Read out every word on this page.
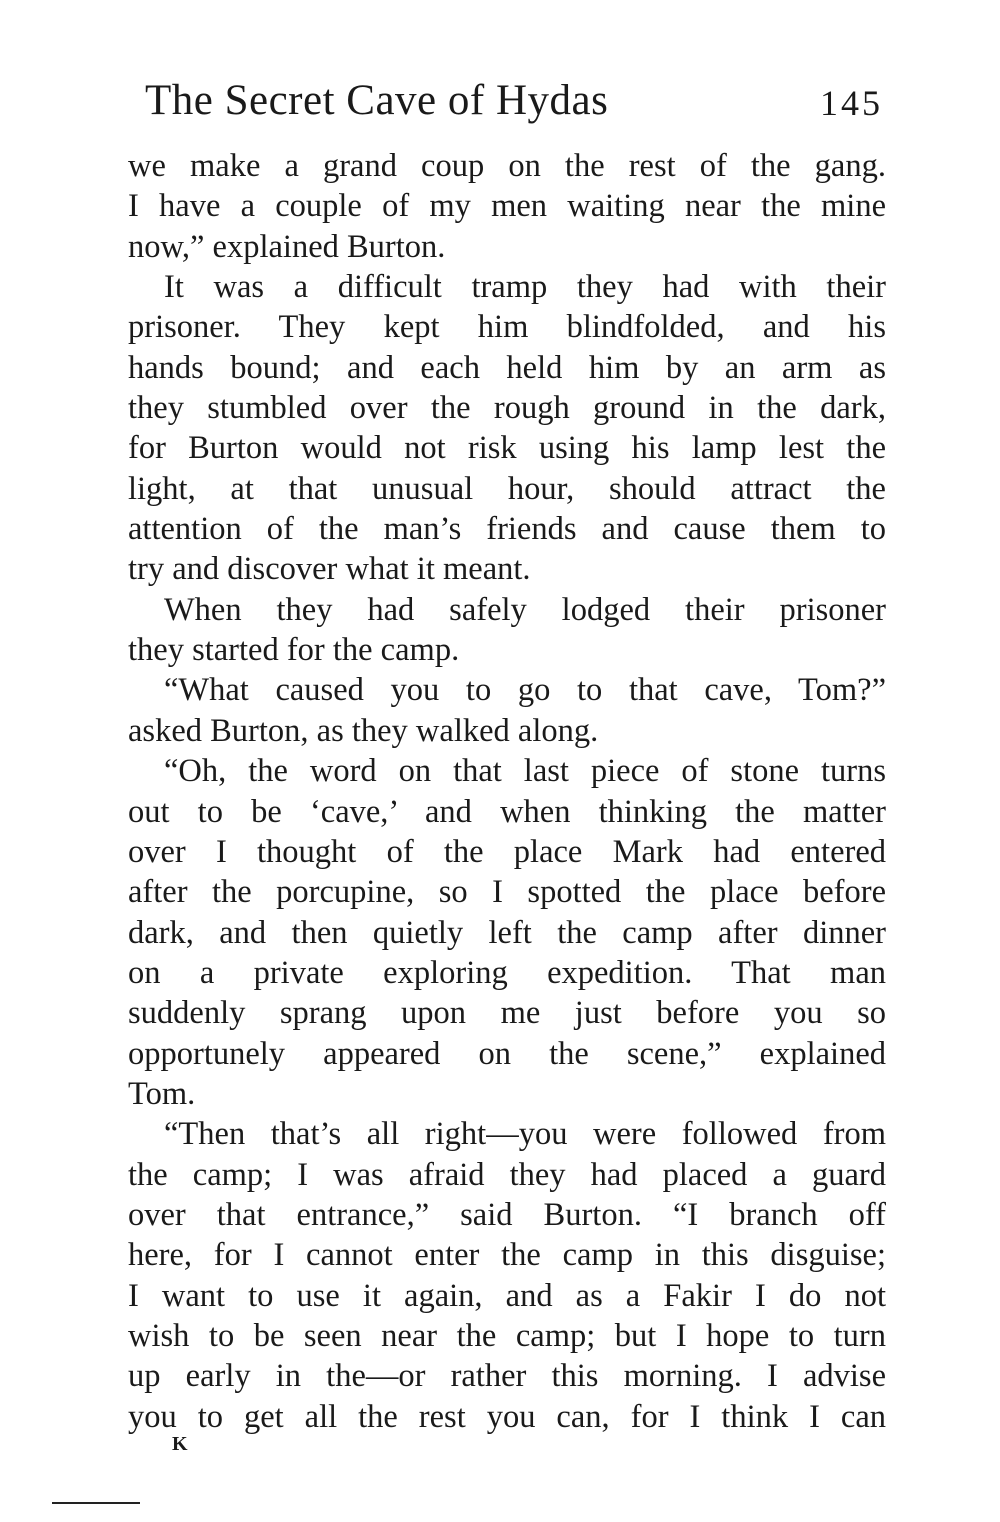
The Secret Cave of Hydas	145
we make a grand coup on the rest of the gang.
I have a couple of my men waiting near the mine
now,” explained Burton.
It was a difficult tramp they had with their
prisoner. They kept him blindfolded, and his
hands bound; and each held him by an arm as
they stumbled over the rough ground in the dark,
for Burton would not risk using his lamp lest the
light, at that unusual hour, should attract the
attention of the man’s friends and cause them to
try and discover what it meant.
When they had safely lodged their prisoner
they started for the camp.
“What caused you to go to that cave, Tom?”
asked Burton, as they walked along.
“Oh, the word on that last piece of stone turns
out to be ‘cave,’ and when thinking the matter
over I thought of the place Mark had entered
after the porcupine, so I spotted the place before
dark, and then quietly left the camp after dinner
on a private exploring expedition. That man
suddenly sprang upon me just before you so
opportunely appeared on the scene,” explained
Tom.
“Then that’s all right—you were followed from
the camp; I was afraid they had placed a guard
over that entrance,” said Burton. “I branch off
here, for I cannot enter the camp in this disguise;
I want to use it again, and as a Fakir I do not
wish to be seen near the camp; but I hope to turn
up early in the—or rather this morning. I advise
you to get all the rest you can, for I think I can
K
